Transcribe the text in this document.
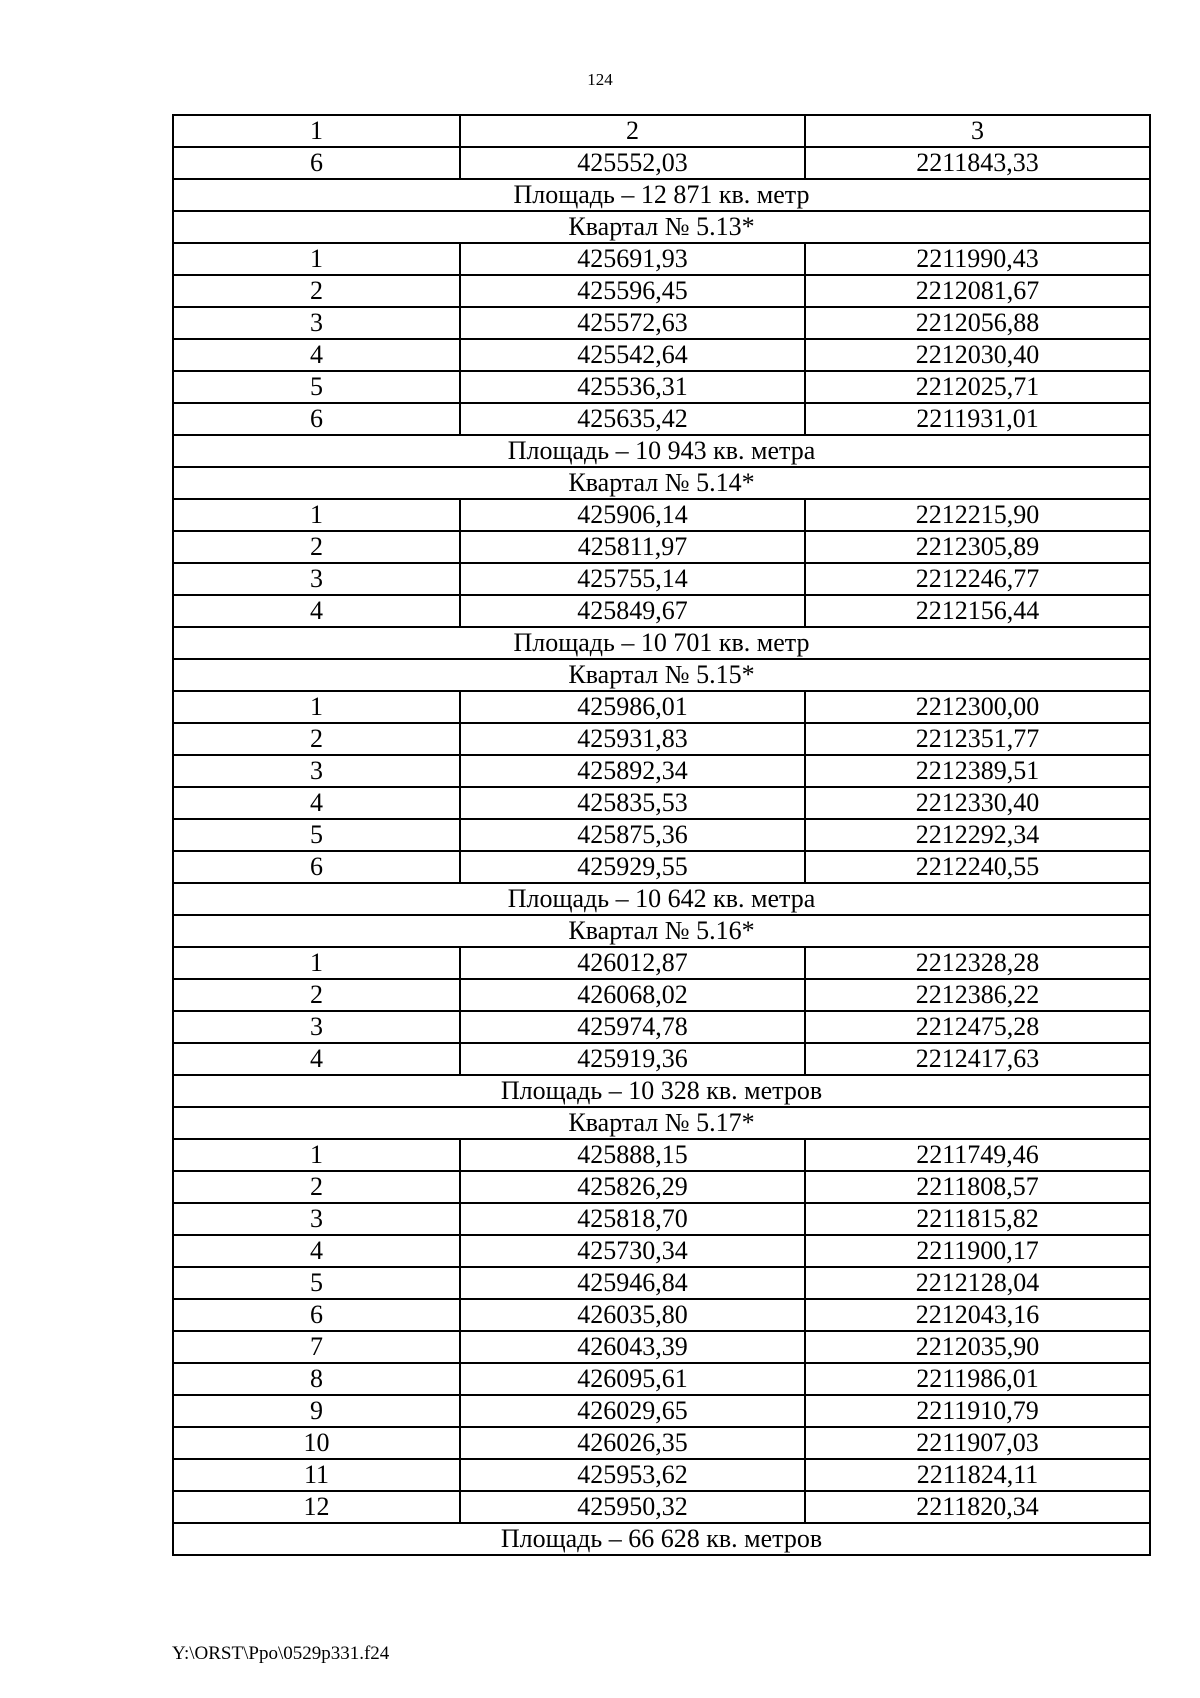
124
1	2	3
6	425552,03	2211843,33
Площадь – 12 871 кв. метр		
Квартал № 5.13*		
1	425691,93	2211990,43
2	425596,45	2212081,67
3	425572,63	2212056,88
4	425542,64	2212030,40
5	425536,31	2212025,71
6	425635,42	2211931,01
Площадь – 10 943 кв. метра		
Квартал № 5.14*		
1	425906,14	2212215,90
2	425811,97	2212305,89
3	425755,14	2212246,77
4	425849,67	2212156,44
Площадь – 10 701 кв. метр		
Квартал № 5.15*		
1	425986,01	2212300,00
2	425931,83	2212351,77
3	425892,34	2212389,51
4	425835,53	2212330,40
5	425875,36	2212292,34
6	425929,55	2212240,55
Площадь – 10 642 кв. метра		
Квартал № 5.16*		
1	426012,87	2212328,28
2	426068,02	2212386,22
3	425974,78	2212475,28
4	425919,36	2212417,63
Площадь – 10 328 кв. метров		
Квартал № 5.17*		
1	425888,15	2211749,46
2	425826,29	2211808,57
3	425818,70	2211815,82
4	425730,34	2211900,17
5	425946,84	2212128,04
6	426035,80	2212043,16
7	426043,39	2212035,90
8	426095,61	2211986,01
9	426029,65	2211910,79
10	426026,35	2211907,03
11	425953,62	2211824,11
12	425950,32	2211820,34
Площадь – 66 628 кв. метров		
Y:\ORST\Ppo\0529p331.f24
